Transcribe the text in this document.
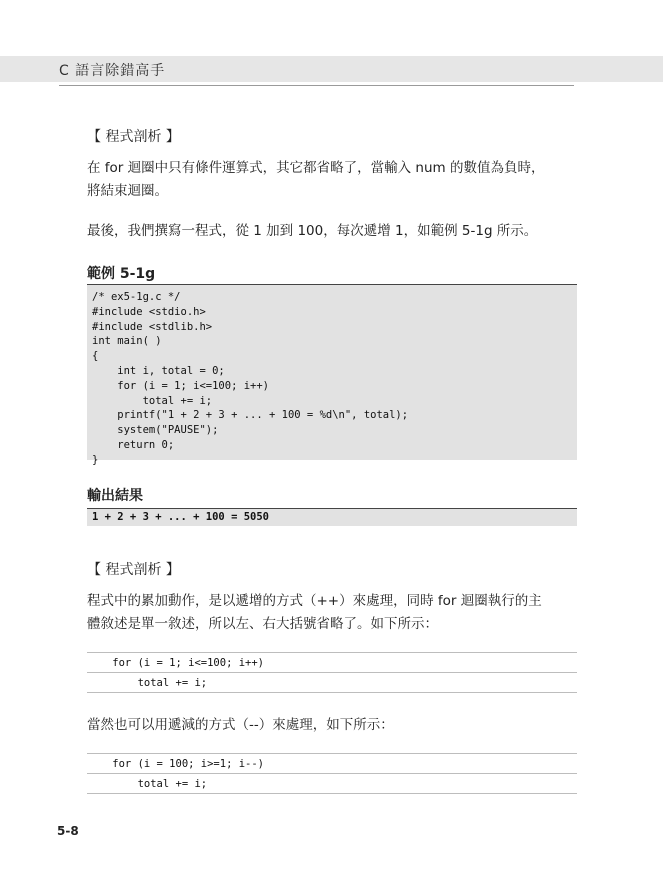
C 語言除錯高手
【 程式剖析 】
在 for 迴圈中只有條件運算式，其它都省略了，當輸入 num 的數值為負時，
將結束迴圈。
最後，我們撰寫一程式，從 1 加到 100，每次遞增 1，如範例 5-1g 所示。
範例 5-1g
/* ex5-1g.c */
#include <stdio.h>
#include <stdlib.h>
int main( )
{
int i, total = 0;
for (i = 1; i<=100; i++)
total += i;
printf("1 + 2 + 3 + ... + 100 = %d\n", total);
system("PAUSE");
return 0;
}
輸出結果
1 + 2 + 3 + ... + 100 = 5050
【 程式剖析 】
程式中的累加動作，是以遞增的方式（++）來處理，同時 for 迴圈執行的主
體敘述是單一敘述，所以左、右大括號省略了。如下所示：
for (i = 1; i<=100; i++)
total += i;
當然也可以用遞減的方式（--）來處理，如下所示：
for (i = 100; i>=1; i--)
total += i;
5-8
